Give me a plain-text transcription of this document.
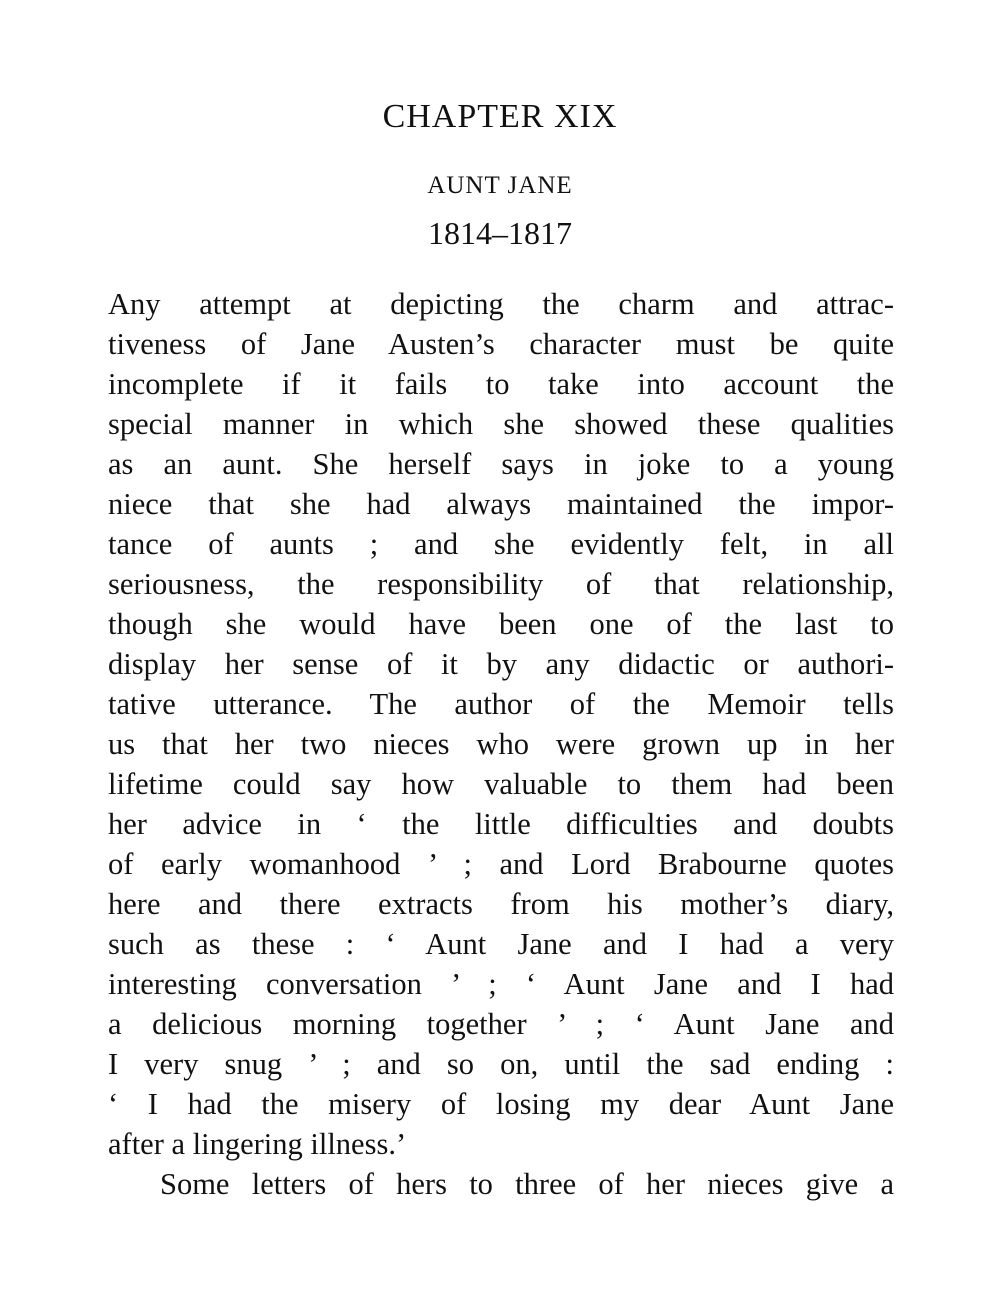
CHAPTER XIX
AUNT JANE
1814–1817
Any attempt at depicting the charm and attrac-
tiveness of Jane Austen’s character must be quite
incomplete if it fails to take into account the
special manner in which she showed these qualities
as an aunt. She herself says in joke to a young
niece that she had always maintained the impor-
tance of aunts ; and she evidently felt, in all
seriousness, the responsibility of that relationship,
though she would have been one of the last to
display her sense of it by any didactic or authori-
tative utterance. The author of the Memoir tells
us that her two nieces who were grown up in her
lifetime could say how valuable to them had been
her advice in ‘ the little difficulties and doubts
of early womanhood ’ ; and Lord Brabourne quotes
here and there extracts from his mother’s diary,
such as these : ‘ Aunt Jane and I had a very
interesting conversation ’ ; ‘ Aunt Jane and I had
a delicious morning together ’ ; ‘ Aunt Jane and
I very snug ’ ; and so on, until the sad ending :
‘ I had the misery of losing my dear Aunt Jane
after a lingering illness.’
Some letters of hers to three of her nieces give a
